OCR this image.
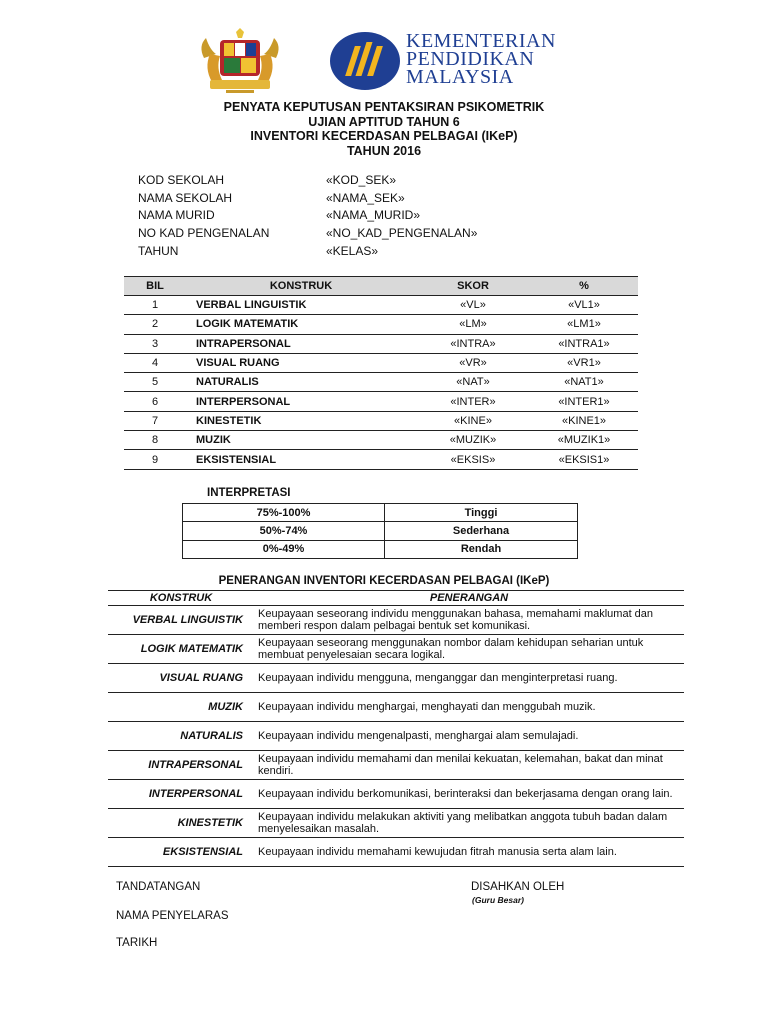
KEMENTERIAN
PENDIDIKAN
MALAYSIA
PENYATA KEPUTUSAN PENTAKSIRAN PSIKOMETRIK
UJIAN APTITUD TAHUN 6
INVENTORI KECERDASAN PELBAGAI (IKeP)
TAHUN 2016
KOD SEKOLAH	«KOD_SEK»
NAMA SEKOLAH	«NAMA_SEK»
NAMA MURID	«NAMA_MURID»
NO KAD PENGENALAN	«NO_KAD_PENGENALAN»
TAHUN	«KELAS»
BIL	KONSTRUK	SKOR	%
1	VERBAL LINGUISTIK	«VL»	«VL1»
2	LOGIK MATEMATIK	«LM»	«LM1»
3	INTRAPERSONAL	«INTRA»	«INTRA1»
4	VISUAL RUANG	«VR»	«VR1»
5	NATURALIS	«NAT»	«NAT1»
6	INTERPERSONAL	«INTER»	«INTER1»
7	KINESTETIK	«KINE»	«KINE1»
8	MUZIK	«MUZIK»	«MUZIK1»
9	EKSISTENSIAL	«EKSIS»	«EKSIS1»
INTERPRETASI
75%-100%	Tinggi
50%-74%	Sederhana
0%-49%	Rendah
PENERANGAN INVENTORI KECERDASAN PELBAGAI (IKeP)
KONSTRUK	PENERANGAN
VERBAL LINGUISTIK	Keupayaan seseorang individu menggunakan bahasa, memahami maklumat dan memberi respon dalam pelbagai bentuk set komunikasi.
LOGIK MATEMATIK	Keupayaan seseorang menggunakan nombor dalam kehidupan seharian untuk membuat penyelesaian secara logikal.
VISUAL RUANG	Keupayaan individu mengguna, menganggar dan menginterpretasi ruang.
MUZIK	Keupayaan individu menghargai, menghayati dan menggubah muzik.
NATURALIS	Keupayaan individu mengenalpasti, menghargai alam semulajadi.
INTRAPERSONAL	Keupayaan individu memahami dan menilai kekuatan, kelemahan, bakat dan minat kendiri.
INTERPERSONAL	Keupayaan individu berkomunikasi, berinteraksi dan bekerjasama dengan orang lain.
KINESTETIK	Keupayaan individu melakukan aktiviti yang melibatkan anggota tubuh badan dalam menyelesaikan masalah.
EKSISTENSIAL	Keupayaan individu memahami kewujudan fitrah manusia serta alam lain.
TANDATANGAN
NAMA PENYELARAS
TARIKH
DISAHKAN OLEH
(Guru Besar)
